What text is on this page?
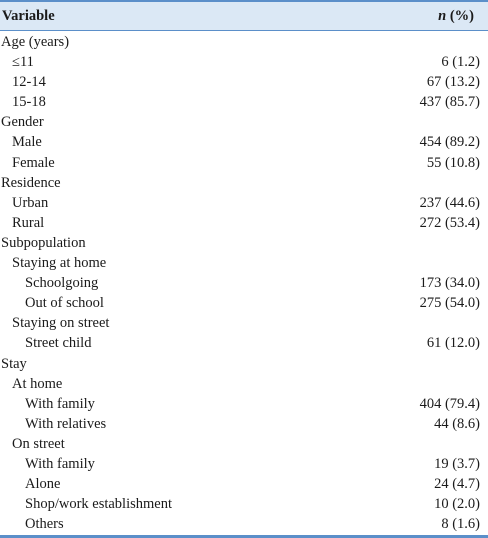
Variable	n (%)
Age (years)
≤11	6 (1.2)
12-14	67 (13.2)
15-18	437 (85.7)
Gender
Male	454 (89.2)
Female	55 (10.8)
Residence
Urban	237 (44.6)
Rural	272 (53.4)
Subpopulation
Staying at home
Schoolgoing	173 (34.0)
Out of school	275 (54.0)
Staying on street
Street child	61 (12.0)
Stay
At home
With family	404 (79.4)
With relatives	44 (8.6)
On street
With family	19 (3.7)
Alone	24 (4.7)
Shop/work establishment	10 (2.0)
Others	8 (1.6)
